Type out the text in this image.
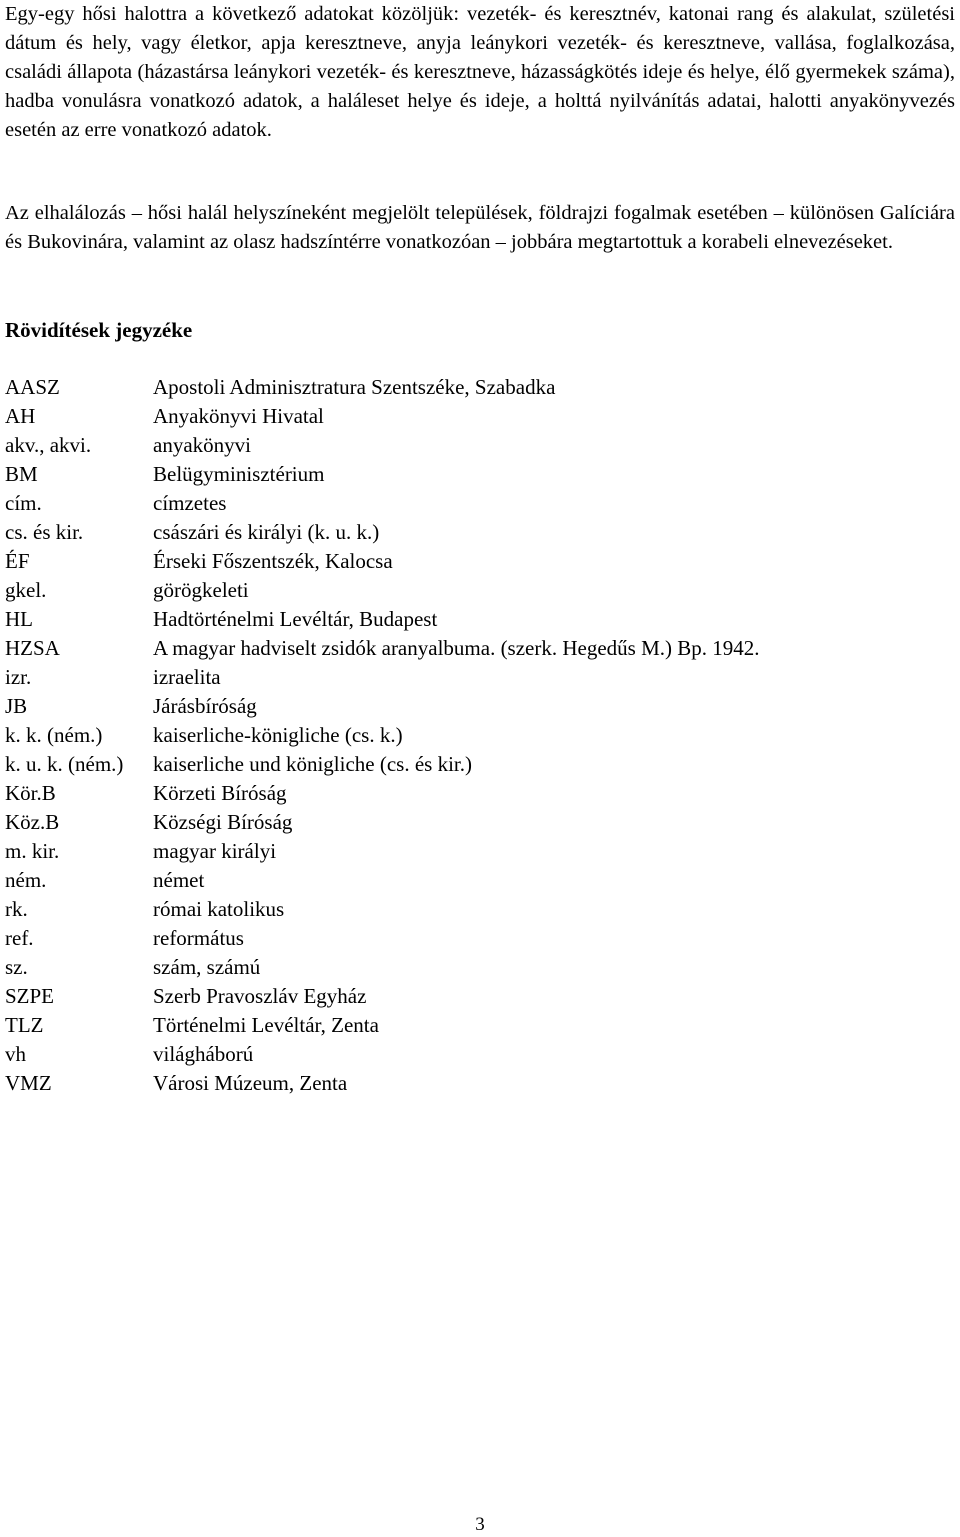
Egy-egy hősi halottra a következő adatokat közöljük: vezeték- és keresztnév, katonai rang és alakulat, születési dátum és hely, vagy életkor, apja keresztneve, anyja leánykori vezeték- és keresztneve, vallása, foglalkozása, családi állapota (házastársa leánykori vezeték- és keresztneve, házasságkötés ideje és helye, élő gyermekek száma), hadba vonulásra vonatkozó adatok, a haláleset helye és ideje, a holttá nyilvánítás adatai, halotti anyakönyvezés esetén az erre vonatkozó adatok.

Az elhalálozás – hősi halál helyszíneként megjelölt települések, földrajzi fogalmak esetében – különösen Galíciára és Bukovinára, valamint az olasz hadszíntérre vonatkozóan – jobbára megtartottuk a korabeli elnevezéseket.

Rövidítések jegyzéke
AASZ	Apostoli Adminisztratura Szentszéke, Szabadka
AH	Anyakönyvi Hivatal
akv., akvi.	anyakönyvi
BM	Belügyminisztérium
cím.	címzetes
cs. és kir.	császári és királyi (k. u. k.)
ÉF	Érseki Főszentszék, Kalocsa
gkel.	görögkeleti
HL	Hadtörténelmi Levéltár, Budapest
HZSA	A magyar hadviselt zsidók aranyalbuma. (szerk. Hegedűs M.) Bp. 1942.
izr.	izraelita
JB	Járásbíróság
k. k. (ném.)	kaiserliche-königliche (cs. k.)
k. u. k. (ném.)	kaiserliche und königliche (cs. és kir.)
Kör.B	Körzeti Bíróság
Köz.B	Községi Bíróság
m. kir.	magyar királyi
ném.	német
rk.	római katolikus
ref.	református
sz.	szám, számú
SZPE	Szerb Pravoszláv Egyház
TLZ	Történelmi Levéltár, Zenta
vh	világháború
VMZ	Városi Múzeum, Zenta
3
